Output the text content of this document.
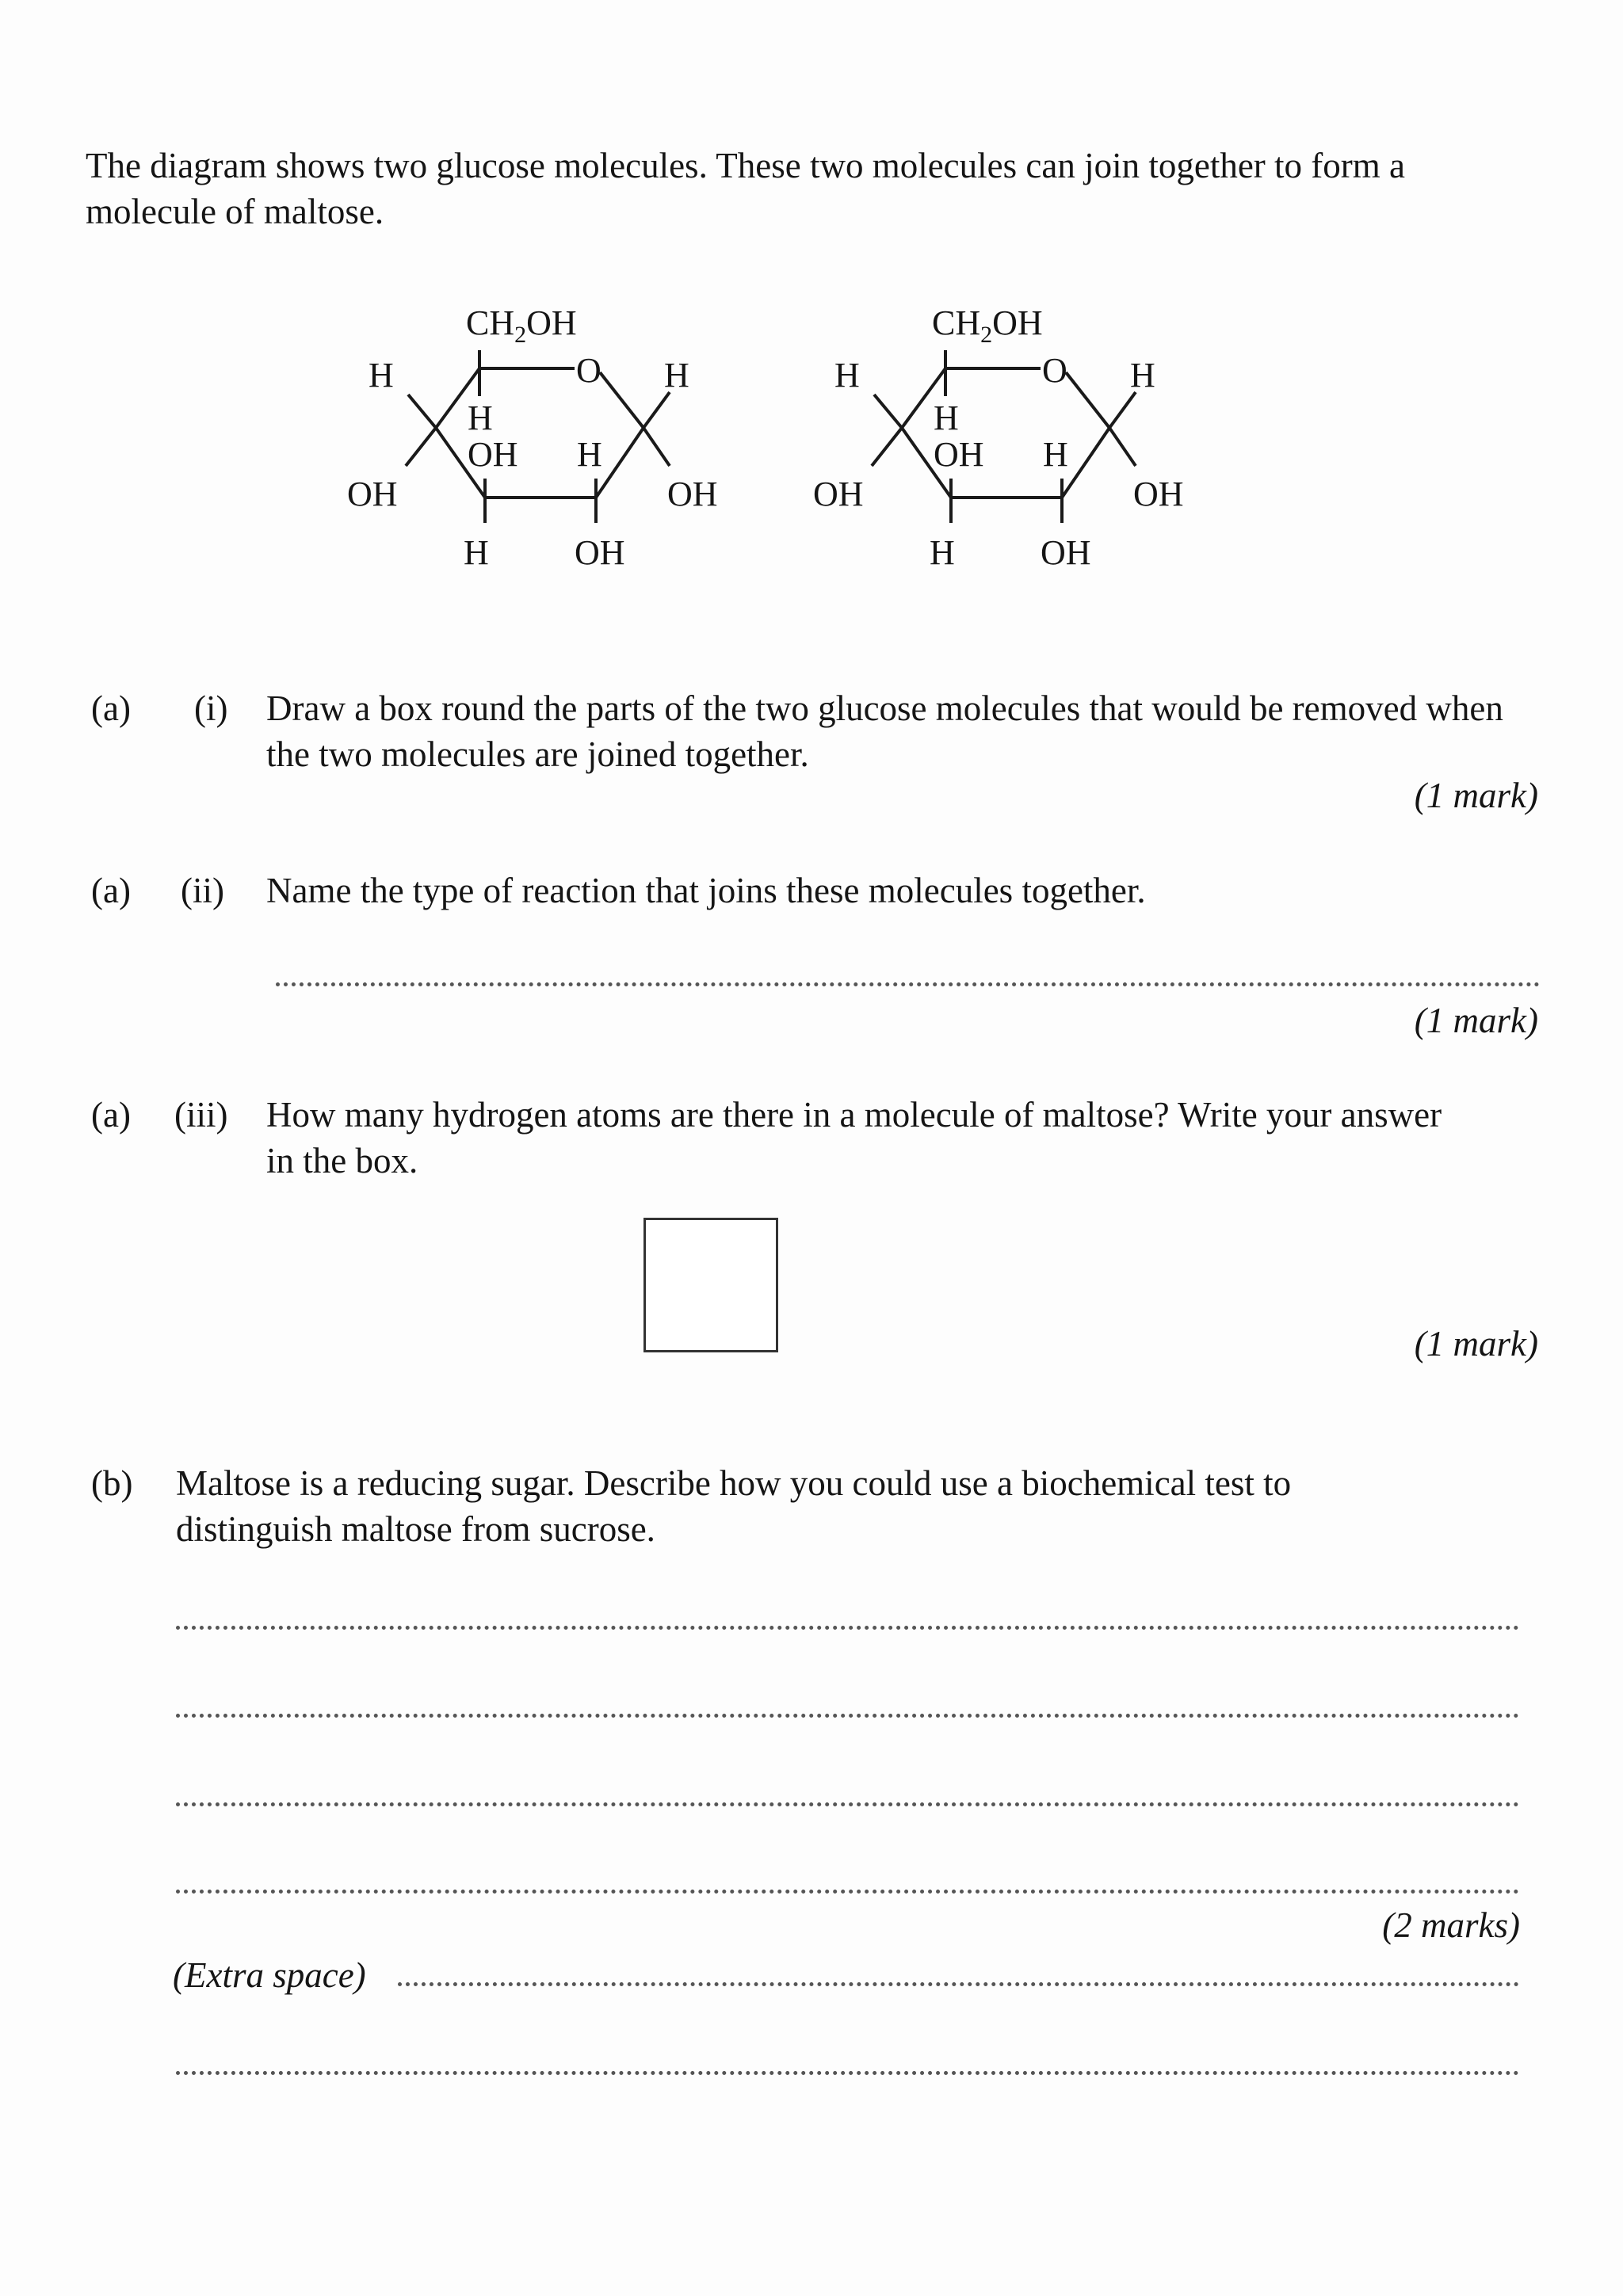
The diagram shows two glucose molecules. These two molecules can join together to form a molecule of maltose.
$CH_2OH$
O
H	H
H
OH H
OH	OH
H OH
$CH_2OH$
O
H	H
H
OH H
OH	OH
H OH
(a) (i) Draw a box round the parts of the two glucose molecules that would be removed when the two molecules are joined together.
(1 mark)
(a) (ii) Name the type of reaction that joins these molecules together.
(1 mark)
(a) (iii) How many hydrogen atoms are there in a molecule of maltose? Write your answer in the box.
(1 mark)
(b) Maltose is a reducing sugar. Describe how you could use a biochemical test to distinguish maltose from sucrose.
(2 marks)
(Extra space)
